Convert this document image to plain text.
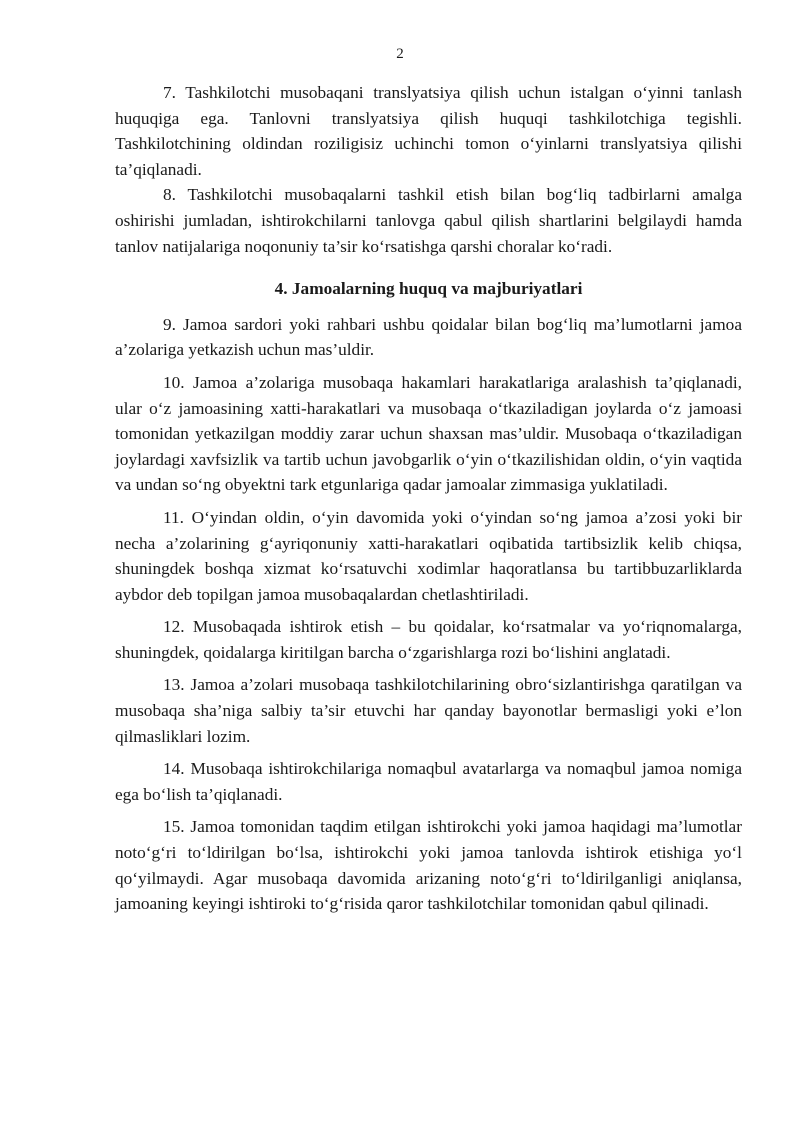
2

7. Tashkilotchi musobaqani translyatsiya qilish uchun istalgan o‘yinni tanlash huquqiga ega. Tanlovni translyatsiya qilish huquqi tashkilotchiga tegishli. Tashkilotchining oldindan roziligisiz uchinchi tomon o‘yinlarni translyatsiya qilishi ta’qiqlanadi.

8. Tashkilotchi musobaqalarni tashkil etish bilan bog‘liq tadbirlarni amalga oshirishi jumladan, ishtirokchilarni tanlovga qabul qilish shartlarini belgilaydi hamda tanlov natijalariga noqonuniy ta’sir ko‘rsatishga qarshi choralar ko‘radi.

4. Jamoalarning huquq va majburiyatlari

9. Jamoa sardori yoki rahbari ushbu qoidalar bilan bog‘liq ma’lumotlarni jamoa a’zolariga yetkazish uchun mas’uldir.

10. Jamoa a’zolariga musobaqa hakamlari harakatlariga aralashish ta’qiqlanadi, ular o‘z jamoasining xatti-harakatlari va musobaqa o‘tkaziladigan joylarda o‘z jamoasi tomonidan yetkazilgan moddiy zarar uchun shaxsan mas’uldir. Musobaqa o‘tkaziladigan joylardagi xavfsizlik va tartib uchun javobgarlik o‘yin o‘tkazilishidan oldin, o‘yin vaqtida va undan so‘ng obyektni tark etgunlariga qadar jamoalar zimmasiga yuklatiladi.

11. O‘yindan oldin, o‘yin davomida yoki o‘yindan so‘ng jamoa a’zosi yoki bir necha a’zolarining g‘ayriqonuniy xatti-harakatlari oqibatida tartibsizlik kelib chiqsa, shuningdek boshqa xizmat ko‘rsatuvchi xodimlar haqoratlansa bu tartibbuzarliklarda aybdor deb topilgan jamoa musobaqalardan chetlashtiriladi.

12. Musobaqada ishtirok etish – bu qoidalar, ko‘rsatmalar va yo‘riqnomalarga, shuningdek, qoidalarga kiritilgan barcha o‘zgarishlarga rozi bo‘lishini anglatadi.

13. Jamoa a’zolari musobaqa tashkilotchilarining obro‘sizlantirishga qaratilgan va musobaqa sha’niga salbiy ta’sir etuvchi har qanday bayonotlar bermasligi yoki e’lon qilmasliklari lozim.

14. Musobaqa ishtirokchilariga nomaqbul avatarlarga va nomaqbul jamoa nomiga ega bo‘lish ta’qiqlanadi.

15. Jamoa tomonidan taqdim etilgan ishtirokchi yoki jamoa haqidagi ma’lumotlar noto‘g‘ri to‘ldirilgan bo‘lsa, ishtirokchi yoki jamoa tanlovda ishtirok etishiga yo‘l qo‘yilmaydi. Agar musobaqa davomida arizaning noto‘g‘ri to‘ldirilganligi aniqlansa, jamoaning keyingi ishtiroki to‘g‘risida qaror tashkilotchilar tomonidan qabul qilinadi.
